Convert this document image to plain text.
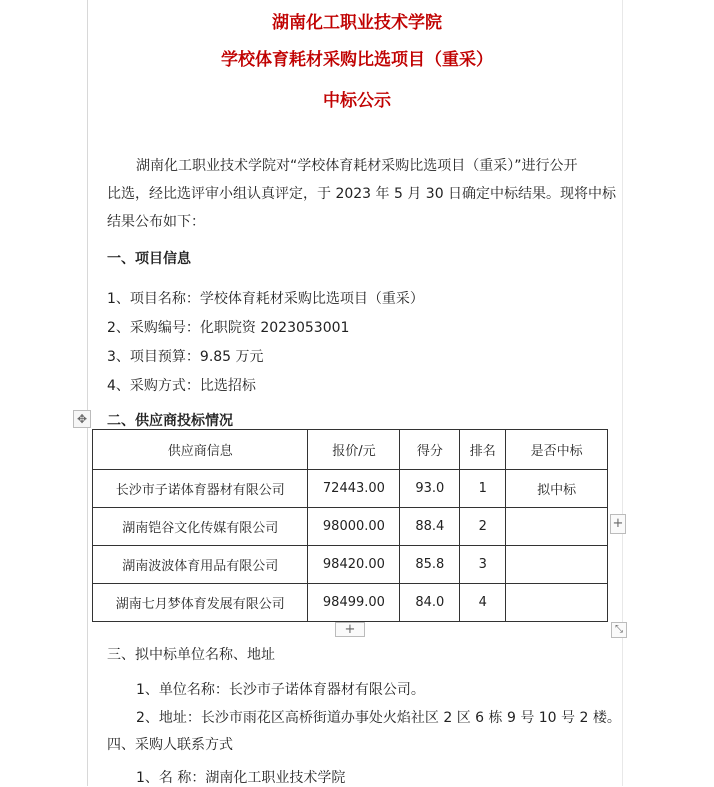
湖南化工职业技术学院
学校体育耗材采购比选项目（重采）
中标公示
湖南化工职业技术学院对“学校体育耗材采购比选项目（重采）”进行公开
比选，经比选评审小组认真评定，于 2023 年 5 月 30 日确定中标结果。现将中标
结果公布如下：
一、项目信息
1、项目名称：学校体育耗材采购比选项目（重采）
2、采购编号：化职院资 2023053001
3、项目预算：9.85 万元
4、采购方式：比选招标
✥ 二、供应商投标情况
供应商信息	报价/元	得分	排名	是否中标
长沙市子诺体育器材有限公司	72443.00	93.0	1	拟中标
湖南铠谷文化传媒有限公司	98000.00	88.4	2	
湖南波波体育用品有限公司	98420.00	85.8	3	
湖南七月梦体育发展有限公司	98499.00	84.0	4	
+
+	⤡
三、拟中标单位名称、地址
1、单位名称：长沙市子诺体育器材有限公司。
2、地址：长沙市雨花区高桥街道办事处火焰社区 2 区 6 栋 9 号 10 号 2 楼。
四、采购人联系方式
1、名 称：湖南化工职业技术学院
